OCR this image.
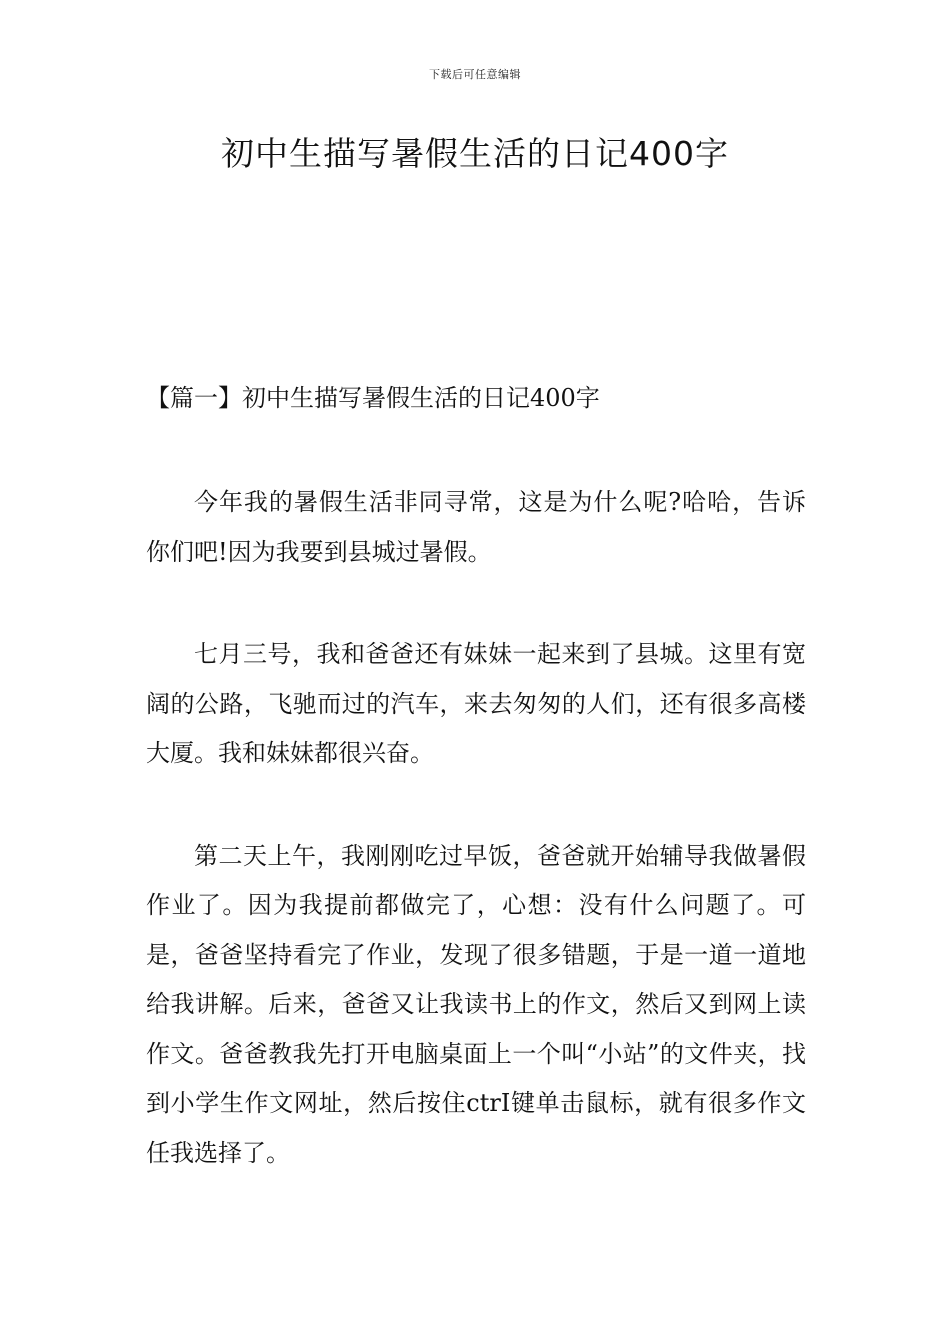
下载后可任意编辑
初中生描写暑假生活的日记400字
【篇一】初中生描写暑假生活的日记400字

今年我的暑假生活非同寻常，这是为什么呢?哈哈，告诉你们吧!因为我要到县城过暑假。

七月三号，我和爸爸还有妹妹一起来到了县城。这里有宽阔的公路，飞驰而过的汽车，来去匆匆的人们，还有很多高楼大厦。我和妹妹都很兴奋。

第二天上午，我刚刚吃过早饭，爸爸就开始辅导我做暑假作业了。因为我提前都做完了，心想：没有什么问题了。可是，爸爸坚持看完了作业，发现了很多错题，于是一道一道地给我讲解。后来，爸爸又让我读书上的作文，然后又到网上读作文。爸爸教我先打开电脑桌面上一个叫“小站”的文件夹，找到小学生作文网址，然后按住ctrI键单击鼠标，就有很多作文任我选择了。
